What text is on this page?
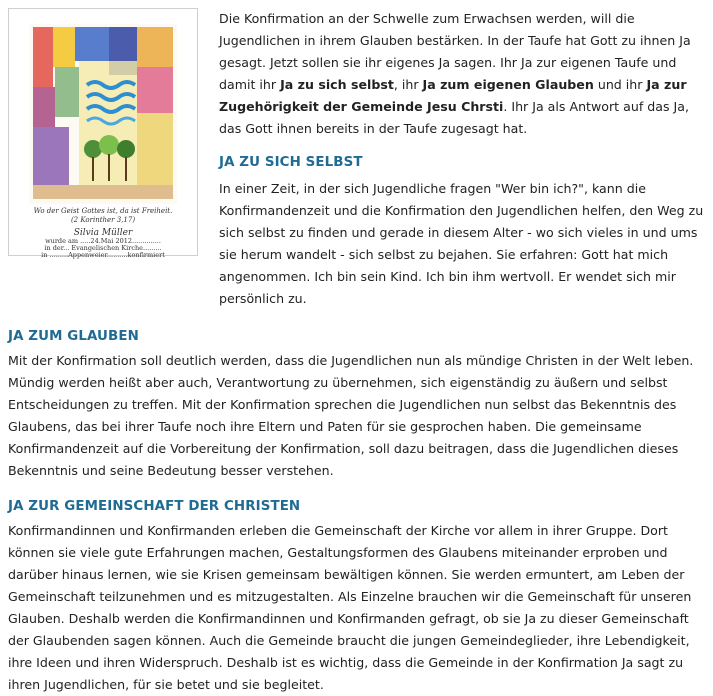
Wo der Geist Gottes ist, da ist Freiheit.
(2 Korinther 3,17)
Silvia Müller
wurde am .....24.Mai 2012..............
in der... Evangelischen Kirche.........
in .........Appenweier..........konfirmiert

Die Konfirmation an der Schwelle zum Erwachsen werden, will die Jugendlichen in ihrem Glauben bestärken. In der Taufe hat Gott zu ihnen Ja gesagt. Jetzt sollen sie ihr eigenes Ja sagen. Ihr Ja zur eigenen Taufe und damit ihr Ja zu sich selbst, ihr Ja zum eigenen Glauben und ihr Ja zur Zugehörigkeit der Gemeinde Jesu Chrsti. Ihr Ja als Antwort auf das Ja, das Gott ihnen bereits in der Taufe zugesagt hat.

JA ZU SICH SELBST

In einer Zeit, in der sich Jugendliche fragen "Wer bin ich?", kann die Konfirmandenzeit und die Konfirmation den Jugendlichen helfen, den Weg zu sich selbst zu finden und gerade in diesem Alter - wo sich vieles in und ums sie herum wandelt - sich selbst zu bejahen. Sie erfahren: Gott hat mich angenommen. Ich bin sein Kind. Ich bin ihm wertvoll. Er wendet sich mir persönlich zu.

JA ZUM GLAUBEN

Mit der Konfirmation soll deutlich werden, dass die Jugendlichen nun als mündige Christen in der Welt leben. Mündig werden heißt aber auch, Verantwortung zu übernehmen, sich eigenständig zu äußern und selbst Entscheidungen zu treffen. Mit der Konfirmation sprechen die Jugendlichen nun selbst das Bekenntnis des Glaubens, das bei ihrer Taufe noch ihre Eltern und Paten für sie gesprochen haben. Die gemeinsame Konfirmandenzeit auf die Vorbereitung der Konfirmation, soll dazu beitragen, dass die Jugendlichen dieses Bekenntnis und seine Bedeutung besser verstehen.

JA ZUR GEMEINSCHAFT DER CHRISTEN

Konfirmandinnen und Konfirmanden erleben die Gemeinschaft der Kirche vor allem in ihrer Gruppe. Dort können sie viele gute Erfahrungen machen, Gestaltungsformen des Glaubens miteinander erproben und darüber hinaus lernen, wie sie Krisen gemeinsam bewältigen können. Sie werden ermuntert, am Leben der Gemeinschaft teilzunehmen und es mitzugestalten. Als Einzelne brauchen wir die Gemeinschaft für unseren Glauben. Deshalb werden die Konfirmandinnen und Konfirmanden gefragt, ob sie Ja zu dieser Gemeinschaft der Glaubenden sagen können. Auch die Gemeinde braucht die jungen Gemeindeglieder, ihre Lebendigkeit, ihre Ideen und ihren Widerspruch. Deshalb ist es wichtig, dass die Gemeinde in der Konfirmation Ja sagt zu ihren Jugendlichen, für sie betet und sie begleitet.
